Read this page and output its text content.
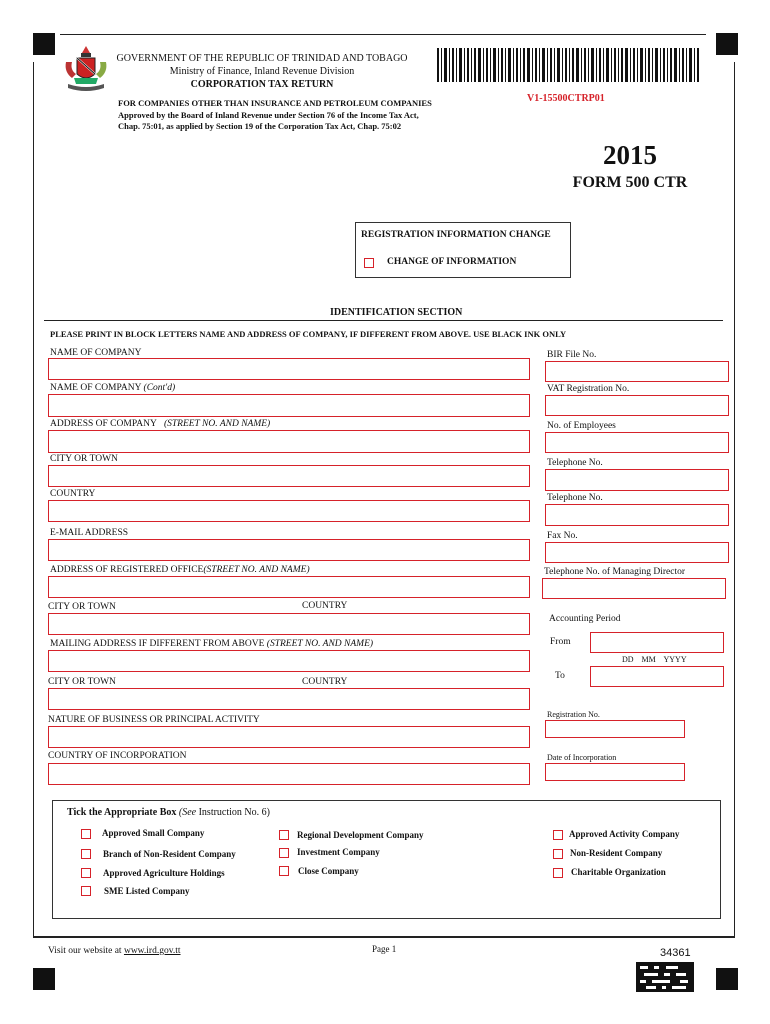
GOVERNMENT OF THE REPUBLIC OF TRINIDAD AND TOBAGO
Ministry of Finance, Inland Revenue Division
CORPORATION TAX RETURN
V1-15500CTRP01
FOR COMPANIES OTHER THAN INSURANCE AND PETROLEUM COMPANIES
Approved by the Board of Inland Revenue under Section 76 of the Income Tax Act,
Chap. 75:01, as applied by Section 19 of the Corporation Tax Act, Chap. 75:02
2015
FORM 500 CTR
REGISTRATION INFORMATION CHANGE
CHANGE OF INFORMATION
IDENTIFICATION SECTION
PLEASE PRINT IN BLOCK LETTERS NAME AND ADDRESS OF COMPANY, IF DIFFERENT FROM ABOVE. USE BLACK INK ONLY
NAME OF COMPANY
NAME OF COMPANY (Cont'd)
ADDRESS OF COMPANY (STREET NO. AND NAME)
CITY OR TOWN
COUNTRY
E-MAIL ADDRESS
ADDRESS OF REGISTERED OFFICE(STREET NO. AND NAME)
CITY OR TOWN	COUNTRY
MAILING ADDRESS IF DIFFERENT FROM ABOVE (STREET NO. AND NAME)
CITY OR TOWN	COUNTRY
NATURE OF BUSINESS OR PRINCIPAL ACTIVITY
COUNTRY OF INCORPORATION
BIR File No.
VAT Registration No.
No. of Employees
Telephone No.
Telephone No.
Fax No.
Telephone No. of Managing Director
Accounting Period
From
DD    MM    YYYY
To
Registration No.
Date of Incorporation
Tick the Appropriate Box (See Instruction No. 6)
Approved Small Company
Branch of Non-Resident Company
Approved Agriculture Holdings
SME Listed Company
Regional Development Company
Investment Company
Close Company
Approved Activity Company
Non-Resident Company
Charitable Organization
Visit our website at www.ird.gov.tt	Page 1	34361
